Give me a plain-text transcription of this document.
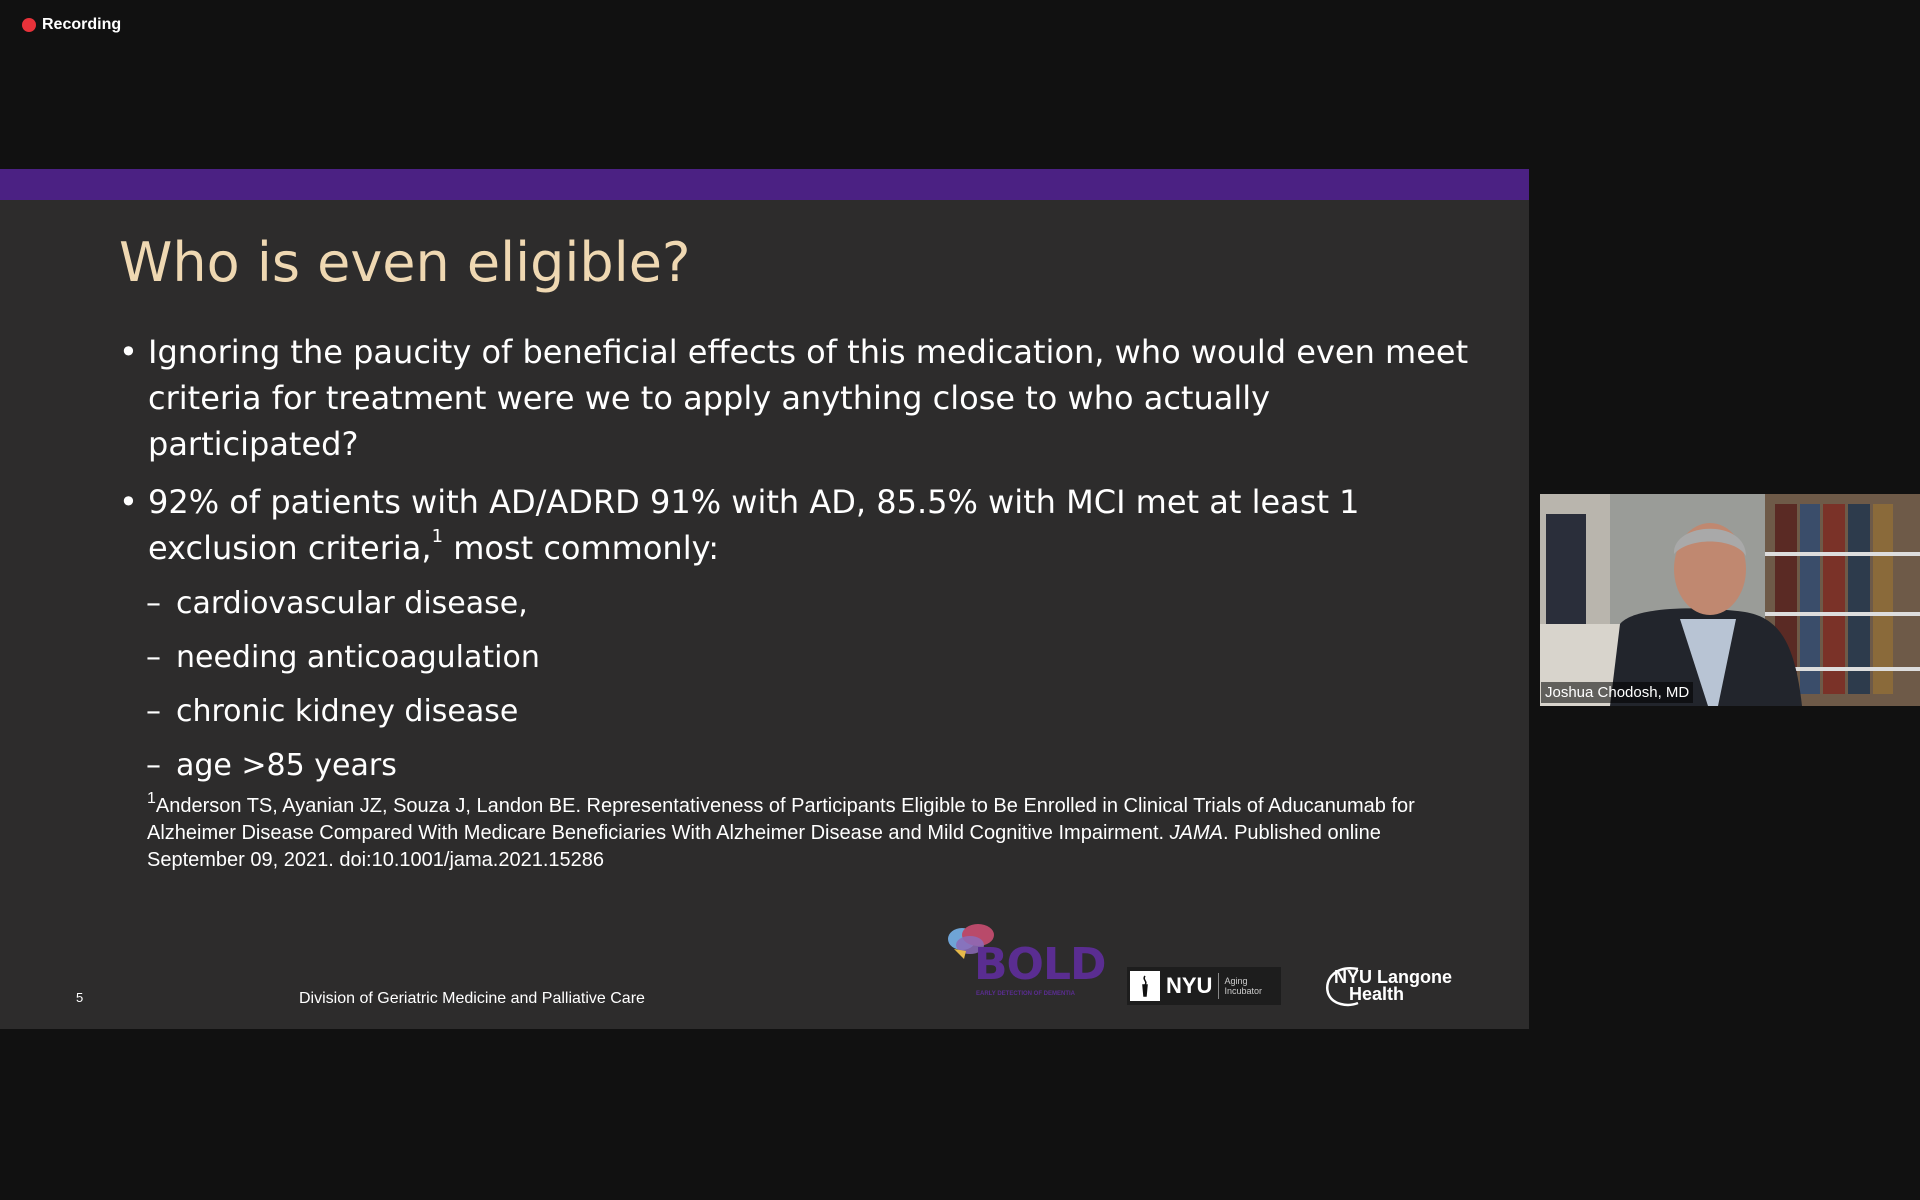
Recording
Who is even eligible?
• Ignoring the paucity of beneficial effects of this medication, who would even meet criteria for treatment were we to apply anything close to who actually participated?
• 92% of patients with AD/ADRD 91% with AD, 85.5% with MCI met at least 1 exclusion criteria,$^1$ most commonly:
– cardiovascular disease,
– needing anticoagulation
– chronic kidney disease
– age >85 years
$^1$Anderson TS, Ayanian JZ, Souza J, Landon BE. Representativeness of Participants Eligible to Be Enrolled in Clinical Trials of Aducanumab for Alzheimer Disease Compared With Medicare Beneficiaries With Alzheimer Disease and Mild Cognitive Impairment. JAMA. Published online September 09, 2021. doi:10.1001/jama.2021.15286
5	Division of Geriatric Medicine and Palliative Care
BOLD
EARLY DETECTION OF DEMENTIA	NYU Aging
Incubator
NYU Langone
Health
Joshua Chodosh, MD
